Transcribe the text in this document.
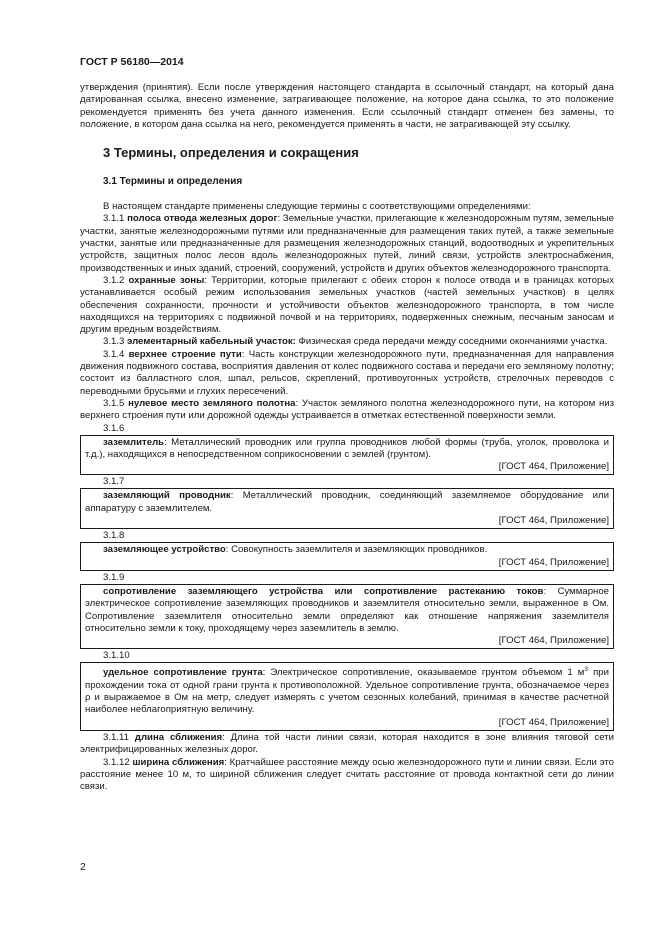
ГОСТ Р 56180—2014

утверждения (принятия). Если после утверждения настоящего стандарта в ссылочный стандарт, на который дана датированная ссылка, внесено изменение, затрагивающее положение, на которое дана ссылка, то это положение рекомендуется применять без учета данного изменения. Если ссылочный стандарт отменен без замены, то положение, в котором дана ссылка на него, рекомендуется применять в части, не затрагивающей эту ссылку.

3 Термины, определения и сокращения
3.1 Термины и определения

В настоящем стандарте применены следующие термины с соответствующими определениями:

3.1.1 полоса отвода железных дорог: Земельные участки, прилегающие к железнодорожным путям, земельные участки, занятые железнодорожными путями или предназначенные для размещения таких путей, а также земельные участки, занятые или предназначенные для размещения железнодорожных станций, водоотводных и укрепительных устройств, защитных полос лесов вдоль железнодорожных путей, линий связи, устройств электроснабжения, производственных и иных зданий, строений, сооружений, устройств и других объектов железнодорожного транспорта.

3.1.2 охранные зоны: Территории, которые прилегают с обеих сторон к полосе отвода и в границах которых устанавливается особый режим использования земельных участков (частей земельных участков) в целях обеспечения сохранности, прочности и устойчивости объектов железнодорожного транспорта, в том числе находящихся на территориях с подвижной почвой и на территориях, подверженных снежным, песчаным заносам и другим вредным воздействиям.

3.1.3 элементарный кабельный участок: Физическая среда передачи между соседними окончаниями участка.

3.1.4 верхнее строение пути: Часть конструкции железнодорожного пути, предназначенная для направления движения подвижного состава, восприятия давления от колес подвижного состава и передачи его земляному полотну; состоит из балластного слоя, шпал, рельсов, скреплений, противоугонных устройств, стрелочных переводов с переводными брусьями и глухих пересечений.

3.1.5 нулевое место земляного полотна: Участок земляного полотна железнодорожного пути, на котором низ верхнего строения пути или дорожной одежды устраивается в отметках естественной поверхности земли.

3.1.6

заземлитель: Металлический проводник или группа проводников любой формы (труба, уголок, проволока и т.д.), находящихся в непосредственном соприкосновении с землей (грунтом).

[ГОСТ 464, Приложение]

3.1.7

заземляющий проводник: Металлический проводник, соединяющий заземляемое оборудование или аппаратуру с заземлителем.

[ГОСТ 464, Приложение]

3.1.8

заземляющее устройство: Совокупность заземлителя и заземляющих проводников.

[ГОСТ 464, Приложение]

3.1.9

сопротивление заземляющего устройства или сопротивление растеканию токов: Суммарное электрическое сопротивление заземляющих проводников и заземлителя относительно земли, выраженное в Ом. Сопротивление заземлителя относительно земли определяют как отношение напряжения заземлителя относительно земли к току, проходящему через заземлитель в землю.

[ГОСТ 464, Приложение]

3.1.10

удельное сопротивление грунта: Электрическое сопротивление, оказываемое грунтом объемом 1 $м^3$ при прохождении тока от одной грани грунта к противоположной. Удельное сопротивление грунта, обозначаемое через ρ и выражаемое в Ом на метр, следует измерять с учетом сезонных колебаний, принимая в качестве расчетной наиболее неблагоприятную величину.

[ГОСТ 464, Приложение]

3.1.11 длина сближения: Длина той части линии связи, которая находится в зоне влияния тяговой сети электрифицированных железных дорог.

3.1.12 ширина сближения: Кратчайшее расстояние между осью железнодорожного пути и линии связи. Если это расстояние менее 10 м, то шириной сближения следует считать расстояние от провода контактной сети до линии связи.

2
